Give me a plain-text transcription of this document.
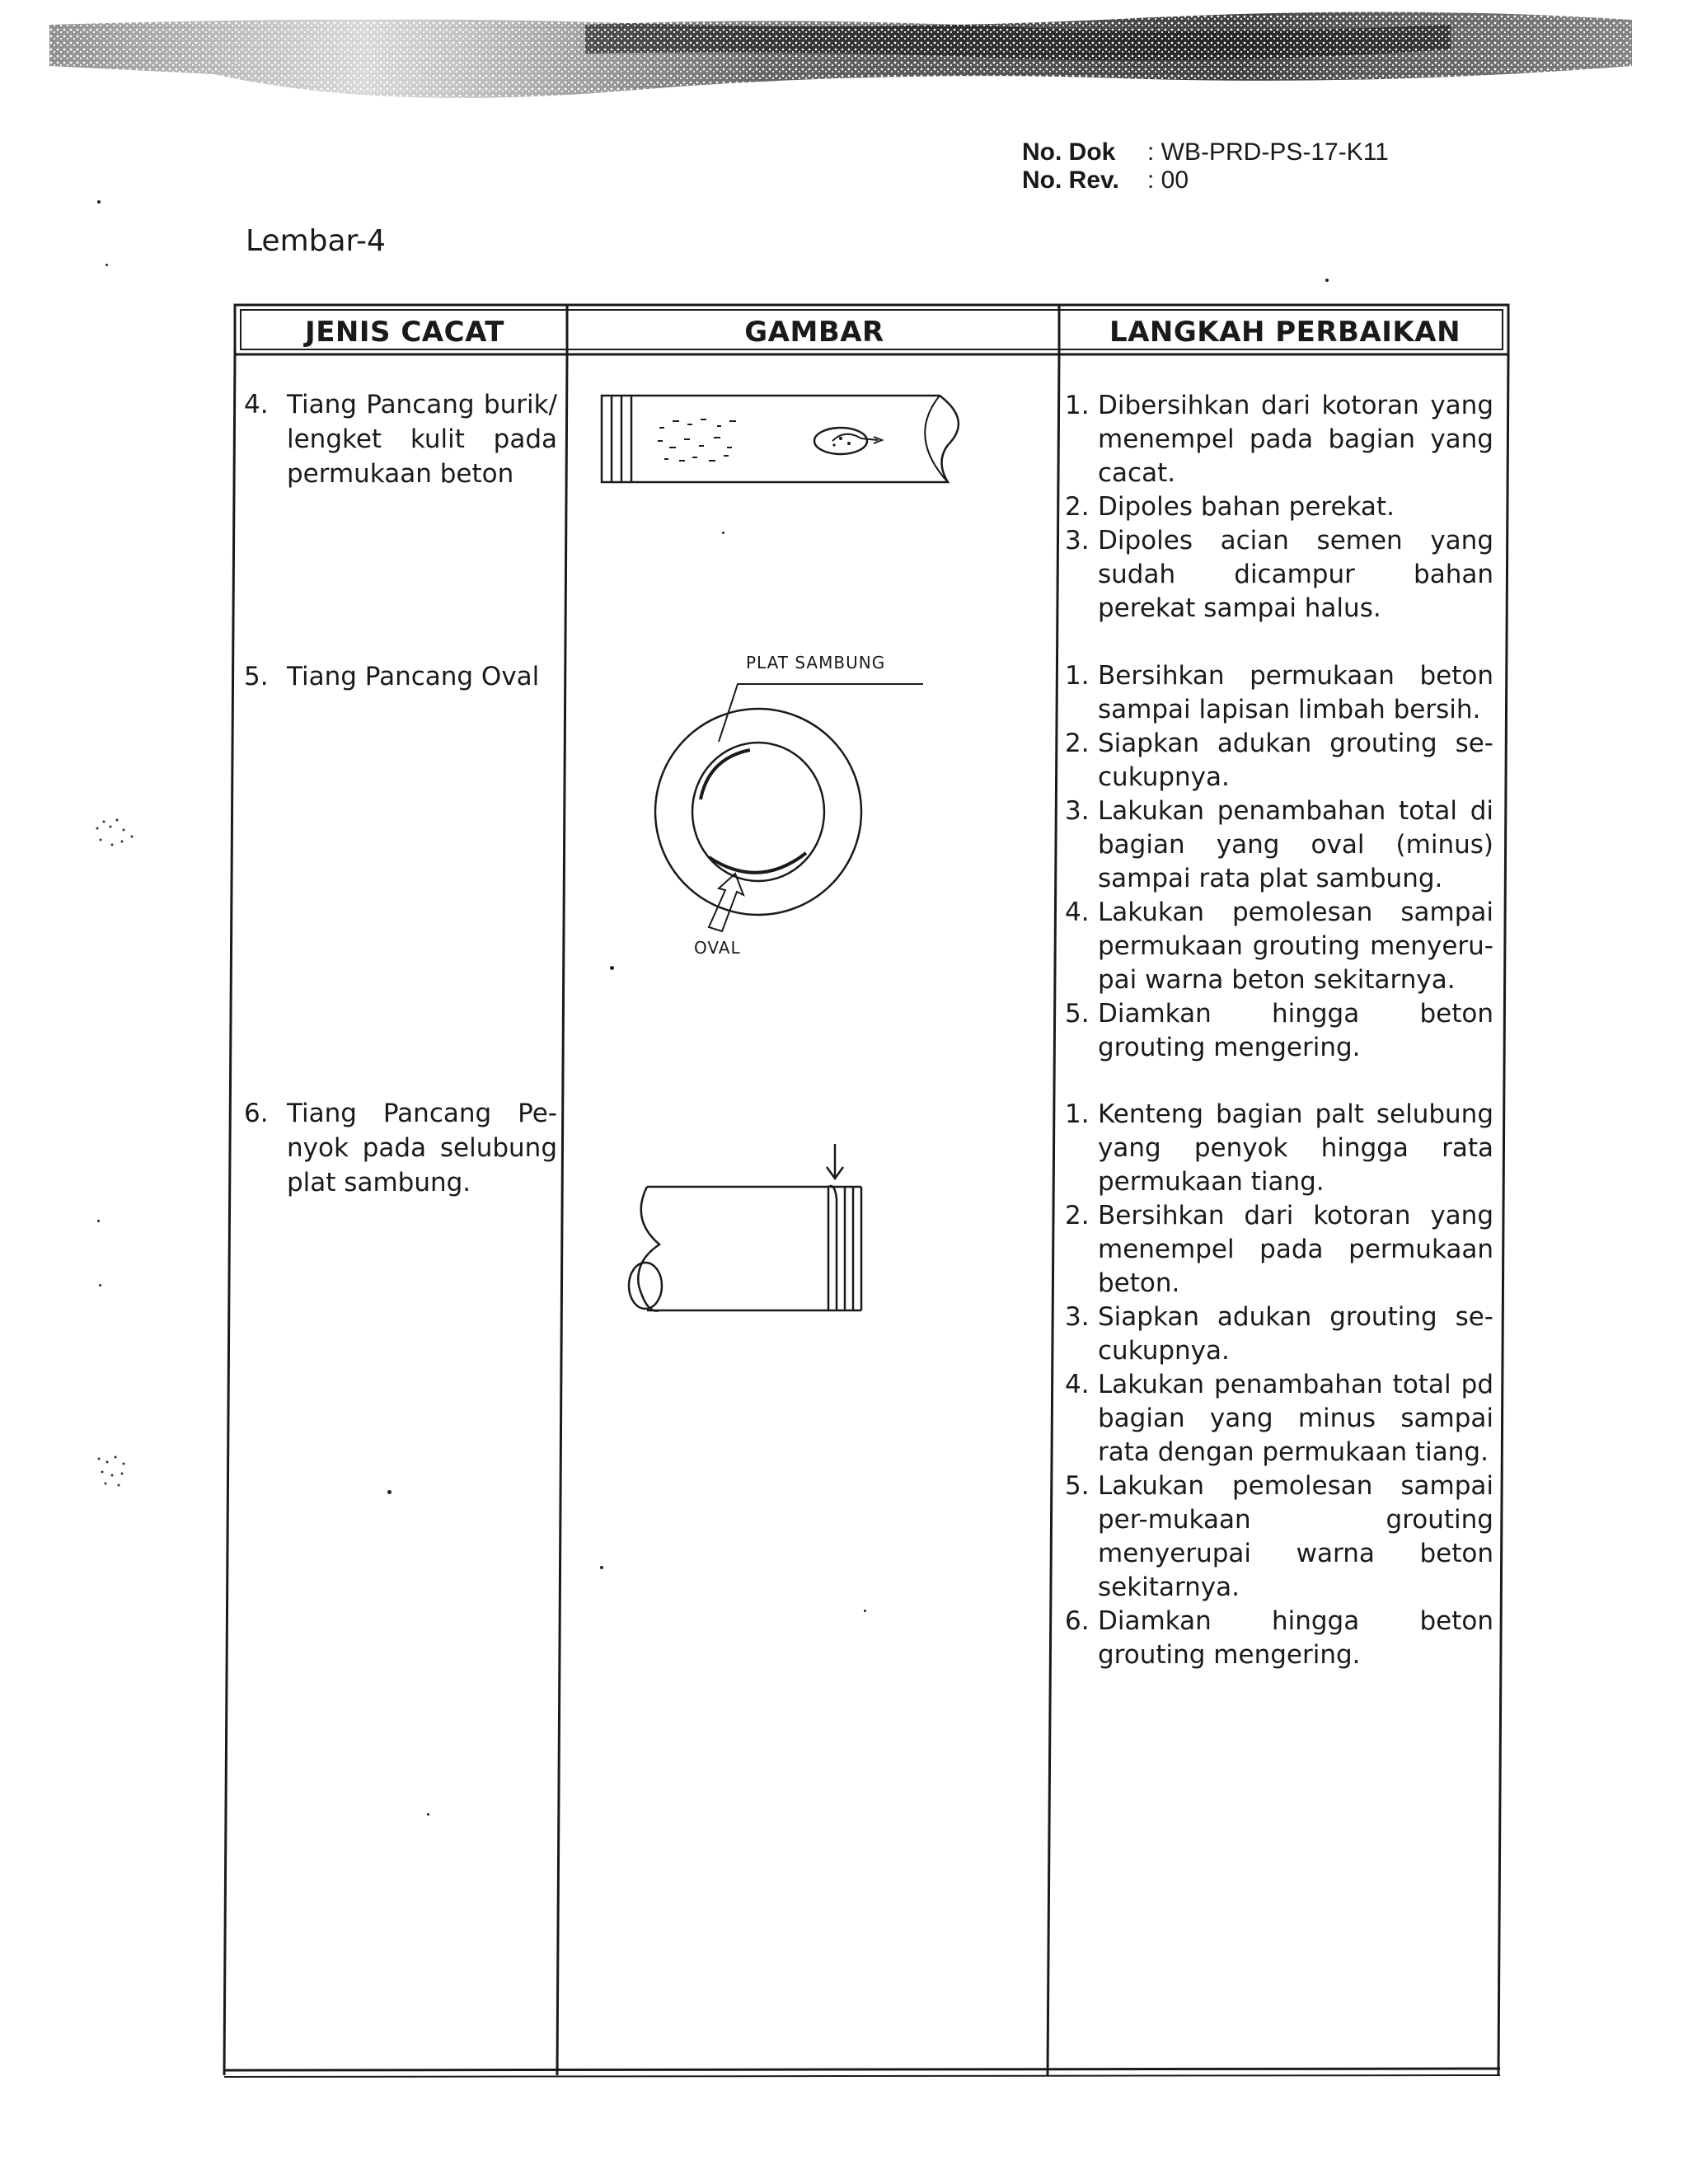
No. Dok	: WB-PRD-PS-17-K11
No. Rev.	: 00
Lembar-4
JENIS CACAT	GAMBAR	LANGKAH PERBAIKAN
4. Tiang Pancang burik/ lengket kulit pada permukaan beton
1. Dibersihkan dari kotoran yang menempel pada bagian yang cacat.
2. Dipoles bahan perekat.
3. Dipoles acian semen yang sudah dicampur bahan perekat sampai halus.
5. Tiang Pancang Oval	PLAT SAMBUNG
OVAL
1. Bersihkan permukaan beton sampai lapisan limbah bersih.
2. Siapkan adukan grouting se-cukupnya.
3. Lakukan penambahan total di bagian yang oval (minus) sampai rata plat sambung.
4. Lakukan pemolesan sampai permukaan grouting menyeru-pai warna beton sekitarnya.
5. Diamkan hingga beton grouting mengering.
6. Tiang Pancang Pe-nyok pada selubung plat sambung.
1. Kenteng bagian palt selubung yang penyok hingga rata permukaan tiang.
2. Bersihkan dari kotoran yang menempel pada permukaan beton.
3. Siapkan adukan grouting se-cukupnya.
4. Lakukan penambahan total pd bagian yang minus sampai rata dengan permukaan tiang.
5. Lakukan pemolesan sampai per-mukaan grouting menyerupai warna beton sekitarnya.
6. Diamkan hingga beton grouting mengering.
